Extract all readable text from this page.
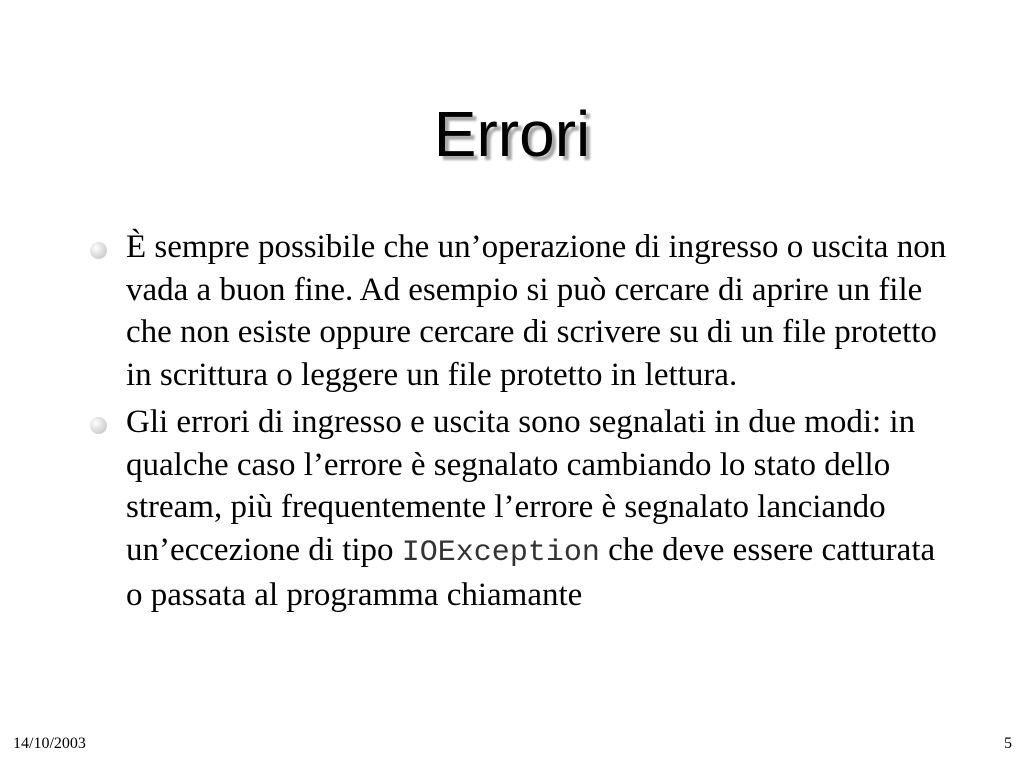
Errori
È sempre possibile che un’operazione di ingresso o uscita non vada a buon fine. Ad esempio si può cercare di aprire un file che non esiste oppure cercare di scrivere su di un file protetto in scrittura o leggere un file protetto in lettura.
Gli errori di ingresso e uscita sono segnalati in due modi: in qualche caso l’errore è segnalato cambiando lo stato dello stream, più frequentemente l’errore è segnalato lanciando un’eccezione di tipo IOException che deve essere catturata o passata al programma chiamante
14/10/2003	5
